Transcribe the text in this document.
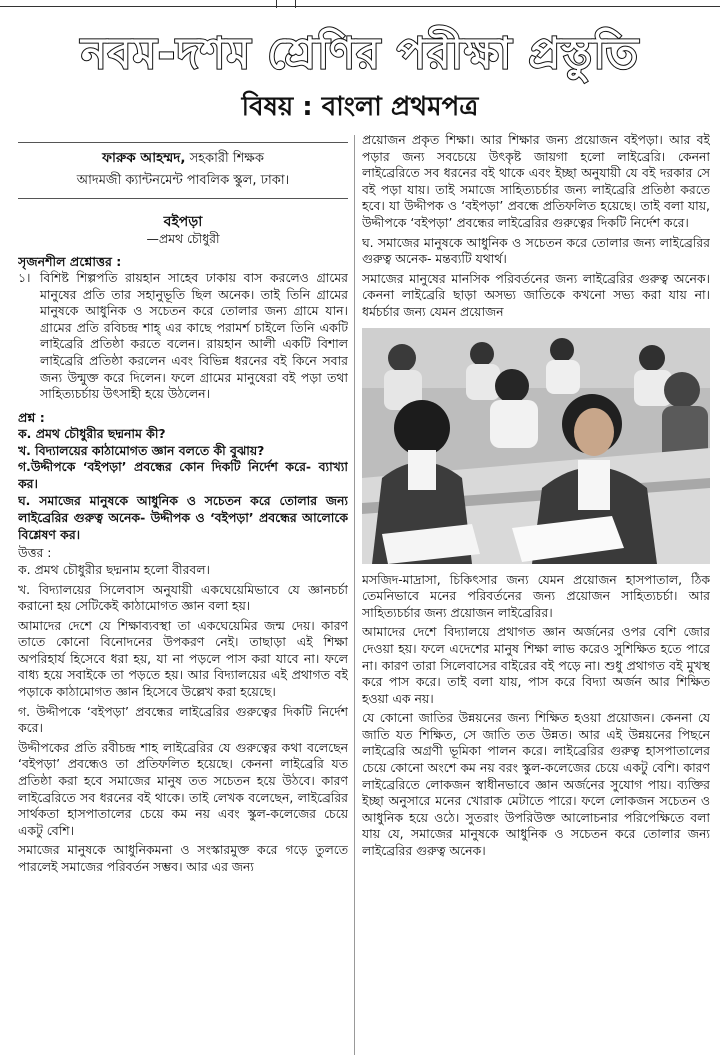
নবম-দশম শ্রেণির পরীক্ষা প্রস্তুতি
বিষয় : বাংলা প্রথমপত্র
ফারুক আহম্মদ, সহকারী শিক্ষক
আদমজী ক্যান্টনমেন্ট পাবলিক স্কুল, ঢাকা।
বইপড়া
—প্রমথ চৌধুরী
সৃজনশীল প্রশ্নোত্তর :
১। বিশিষ্ট শিল্পপতি রায়হান সাহেব ঢাকায় বাস করলেও গ্রামের মানুষের প্রতি তার সহানুভূতি ছিল অনেক। তাই তিনি গ্রামের মানুষকে আধুনিক ও সচেতন করে তোলার জন্য গ্রামে যান। গ্রামের প্রতি রবিচন্দ্র শাহ্ এর কাছে পরামর্শ চাইলে তিনি একটি লাইব্রেরি প্রতিষ্ঠা করতে বলেন। রায়হান আলী একটি বিশাল লাইব্রেরি প্রতিষ্ঠা করলেন এবং বিভিন্ন ধরনের বই কিনে সবার জন্য উন্মুক্ত করে দিলেন। ফলে গ্রামের মানুষেরা বই পড়া তথা সাহিত্যচর্চায় উৎসাহী হয়ে উঠলেন।
প্রশ্ন :
ক. প্রমথ চৌধুরীর ছদ্মনাম কী?
খ. বিদ্যালয়ের কাঠামোগত জ্ঞান বলতে কী বুঝায়?
গ.উদ্দীপকে ‘বইপড়া’ প্রবন্ধের কোন দিকটি নির্দেশ করে- ব্যাখ্যা কর।
ঘ. সমাজের মানুষকে আধুনিক ও সচেতন করে তোলার জন্য লাইব্রেরির গুরুত্ব অনেক- উদ্দীপক ও ‘বইপড়া’ প্রবন্ধের আলোকে বিশ্লেষণ কর।
উত্তর :

ক. প্রমথ চৌধুরীর ছদ্মনাম হলো বীরবল।

খ. বিদ্যালয়ের সিলেবাস অনুযায়ী একঘেয়েমিভাবে যে জ্ঞানচর্চা করানো হয় সেটিকেই কাঠামোগত জ্ঞান বলা হয়।

আমাদের দেশে যে শিক্ষাব্যবস্থা তা একঘেয়েমির জন্ম দেয়। কারণ তাতে কোনো বিনোদনের উপকরণ নেই। তাছাড়া এই শিক্ষা অপরিহার্য হিসেবে ধরা হয়, যা না পড়লে পাস করা যাবে না। ফলে বাধ্য হয়ে সবাইকে তা পড়তে হয়। আর বিদ্যালয়ের এই প্রথাগত বই পড়াকে কাঠামোগত জ্ঞান হিসেবে উল্লেখ করা হয়েছে।

গ. উদ্দীপকে ‘বইপড়া’ প্রবন্ধের লাইব্রেরির গুরুত্বের দিকটি নির্দেশ করে।

উদ্দীপকের প্রতি রবীচন্দ্র শাহ লাইব্রেরির যে গুরুত্বের কথা বলেছেন ‘বইপড়া’ প্রবন্ধেও তা প্রতিফলিত হয়েছে। কেননা লাইব্রেরি যত প্রতিষ্ঠা করা হবে সমাজের মানুষ তত সচেতন হয়ে উঠবে। কারণ লাইব্রেরিতে সব ধরনের বই থাকে। তাই লেখক বলেছেন, লাইব্রেরির সার্থকতা হাসপাতালের চেয়ে কম নয় এবং স্কুল-কলেজের চেয়ে একটু বেশি।

সমাজের মানুষকে আধুনিকমনা ও সংস্কারমুক্ত করে গড়ে তুলতে পারলেই সমাজের পরিবর্তন সম্ভব। আর এর জন্য

প্রয়োজন প্রকৃত শিক্ষা। আর শিক্ষার জন্য প্রয়োজন বইপড়া। আর বই পড়ার জন্য সবচেয়ে উৎকৃষ্ট জায়গা হলো লাইব্রেরি। কেননা লাইব্রেরিতে সব ধরনের বই থাকে এবং ইচ্ছা অনুযায়ী যে বই দরকার সে বই পড়া যায়। তাই সমাজে সাহিত্যচর্চার জন্য লাইব্রেরি প্রতিষ্ঠা করতে হবে। যা উদ্দীপক ও ‘বইপড়া’ প্রবন্ধে প্রতিফলিত হয়েছে। তাই বলা যায়, উদ্দীপকে ‘বইপড়া’ প্রবন্ধের লাইব্রেরির গুরুত্বের দিকটি নির্দেশ করে।

ঘ. সমাজের মানুষকে আধুনিক ও সচেতন করে তোলার জন্য লাইব্রেরির গুরুত্ব অনেক- মন্তব্যটি যথার্থ।

সমাজের মানুষের মানসিক পরিবর্তনের জন্য লাইব্রেরির গুরুত্ব অনেক। কেননা লাইব্রেরি ছাড়া অসভ্য জাতিকে কখনো সভ্য করা যায় না। ধর্মচর্চার জন্য যেমন প্রয়োজন

মসজিদ-মাদ্রাসা, চিকিৎসার জন্য যেমন প্রয়োজন হাসপাতাল, ঠিক তেমনিভাবে মনের পরিবর্তনের জন্য প্রয়োজন সাহিত্যচর্চা। আর সাহিত্যচর্চার জন্য প্রয়োজন লাইব্রেরির।

আমাদের দেশে বিদ্যালয়ে প্রথাগত জ্ঞান অর্জনের ওপর বেশি জোর দেওয়া হয়। ফলে এদেশের মানুষ শিক্ষা লাভ করেও সুশিক্ষিত হতে পারে না। কারণ তারা সিলেবাসের বাইরের বই পড়ে না। শুধু প্রথাগত বই মুখস্থ করে পাস করে। তাই বলা যায়, পাস করে বিদ্যা অর্জন আর শিক্ষিত হওয়া এক নয়।

যে কোনো জাতির উন্নয়নের জন্য শিক্ষিত হওয়া প্রয়োজন। কেননা যে জাতি যত শিক্ষিত, সে জাতি তত উন্নত। আর এই উন্নয়নের পিছনে লাইব্রেরি অগ্রণী ভূমিকা পালন করে। লাইব্রেরির গুরুত্ব হাসপাতালের চেয়ে কোনো অংশে কম নয় বরং স্কুল-কলেজের চেয়ে একটু বেশি। কারণ লাইব্রেরিতে লোকজন স্বাধীনভাবে জ্ঞান অর্জনের সুযোগ পায়। ব্যক্তির ইচ্ছা অনুসারে মনের খোরাক মেটাতে পারে। ফলে লোকজন সচেতন ও আধুনিক হয়ে ওঠে। সুতরাং উপরিউক্ত আলোচনার পরিপেক্ষিতে বলা যায় যে, সমাজের মানুষকে আধুনিক ও সচেতন করে তোলার জন্য লাইব্রেরির গুরুত্ব অনেক।
